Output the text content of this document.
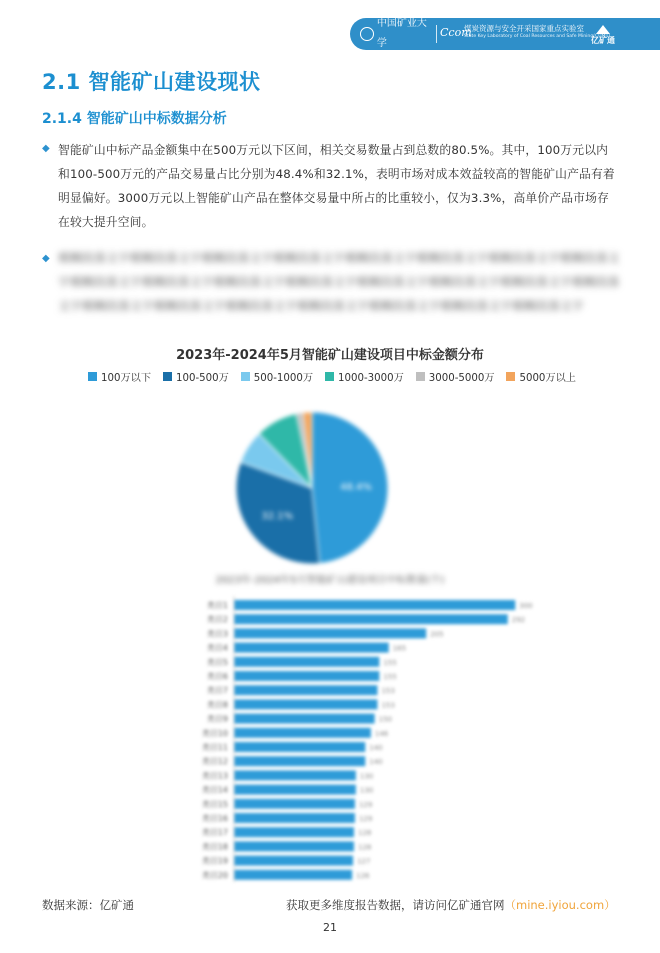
中国矿业大学
Ccom
煤炭资源与安全开采国家重点实验室
State Key Laboratory of Coal Resources and Safe Mining(CUMT)
亿矿通
2.1 智能矿山建设现状
2.1.4 智能矿山中标数据分析
◆ 智能矿山中标产品金额集中在500万元以下区间，相关交易数量占到总数的80.5%。其中，100万元以内和100-500万元的产品交易量占比分别为48.4%和32.1%，表明市场对成本效益较高的智能矿山产品有着明显偏好。3000万元以上智能矿山产品在整体交易量中所占的比重较小，仅为3.3%，高单价产品市场存在较大提升空间。

◆ 模糊段落文字模糊段落文字模糊段落文字模糊段落文字模糊段落文字模糊段落文字模糊段落文字模糊段落文字模糊段落文字模糊段落文字模糊段落文字模糊段落文字模糊段落文字模糊段落文字模糊段落文字模糊段落文字模糊段落文字模糊段落文字模糊段落文字模糊段落文字模糊段落文字模糊段落文字模糊段落文字

2023年-2024年5月智能矿山建设项目中标金额分布
100万以下 100-500万 500-1000万 1000-3000万 3000-5000万 5000万以上
48.4%
32.1%
2023年-2024年5月智能矿山建设项目中标数量(个)
类目1	300
类目2	292
类目3	205
类目4	165
类目5	155
类目6	155
类目7	153
类目8	153
类目9	150
类目10	146
类目11	140
类目12	140
类目13	130
类目14	130
类目15	129
类目16	129
类目17	128
类目18	128
类目19	127
类目20	126
数据来源：亿矿通	获取更多维度报告数据，请访问亿矿通官网（mine.iyiou.com）
21
